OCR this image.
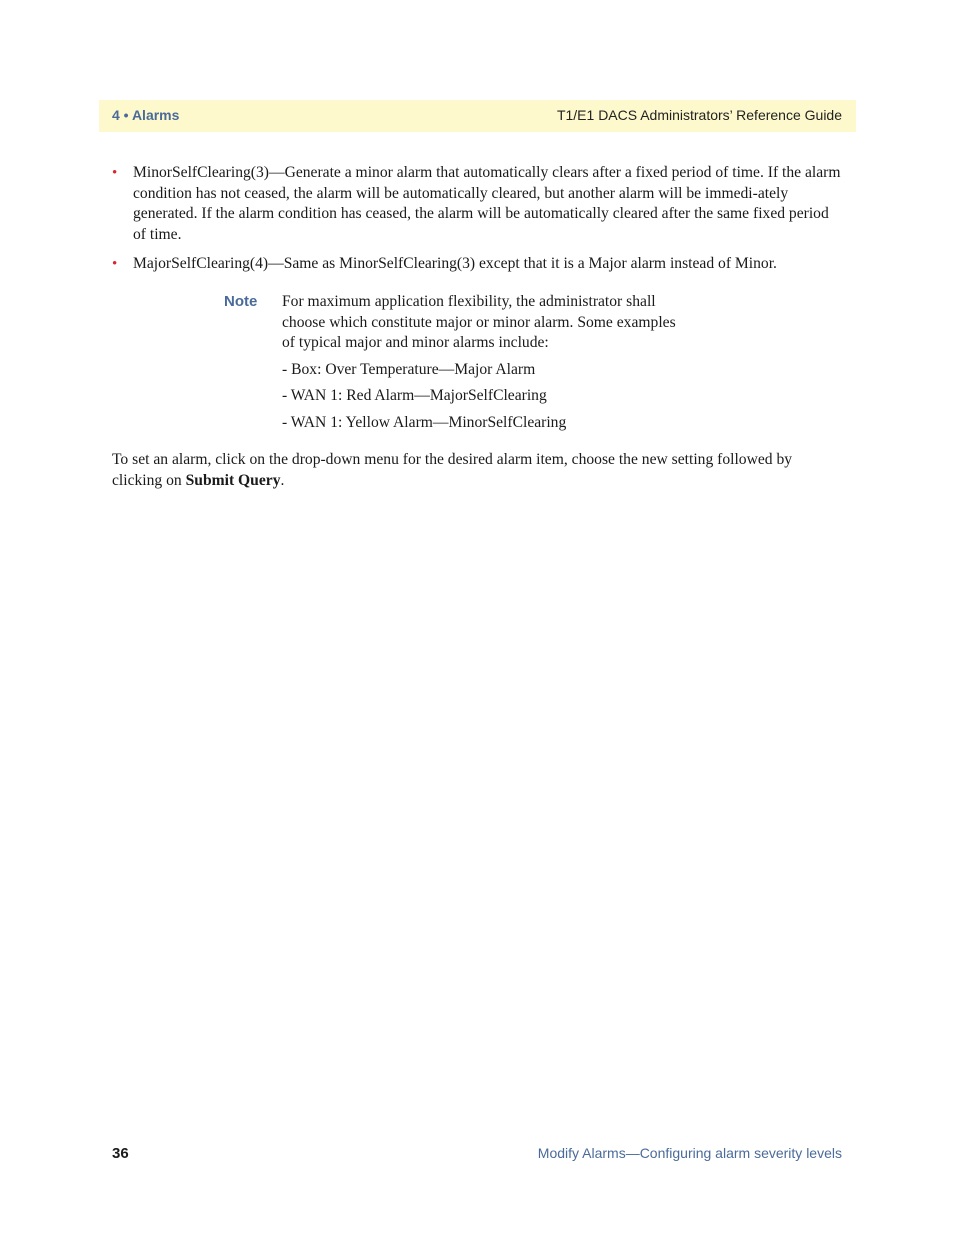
4 • Alarms	T1/E1 DACS Administrators’ Reference Guide
• MinorSelfClearing(3)—Generate a minor alarm that automatically clears after a fixed period of time. If the alarm condition has not ceased, the alarm will be automatically cleared, but another alarm will be immedi-ately generated. If the alarm condition has ceased, the alarm will be automatically cleared after the same fixed period of time.
• MajorSelfClearing(4)—Same as MinorSelfClearing(3) except that it is a Major alarm instead of Minor.
Note For maximum application flexibility, the administrator shall choose which constitute major or minor alarm. Some examples of typical major and minor alarms include:
- Box: Over Temperature—Major Alarm
- WAN 1: Red Alarm—MajorSelfClearing
- WAN 1: Yellow Alarm—MinorSelfClearing
To set an alarm, click on the drop-down menu for the desired alarm item, choose the new setting followed by clicking on Submit Query.
36	Modify Alarms—Configuring alarm severity levels
